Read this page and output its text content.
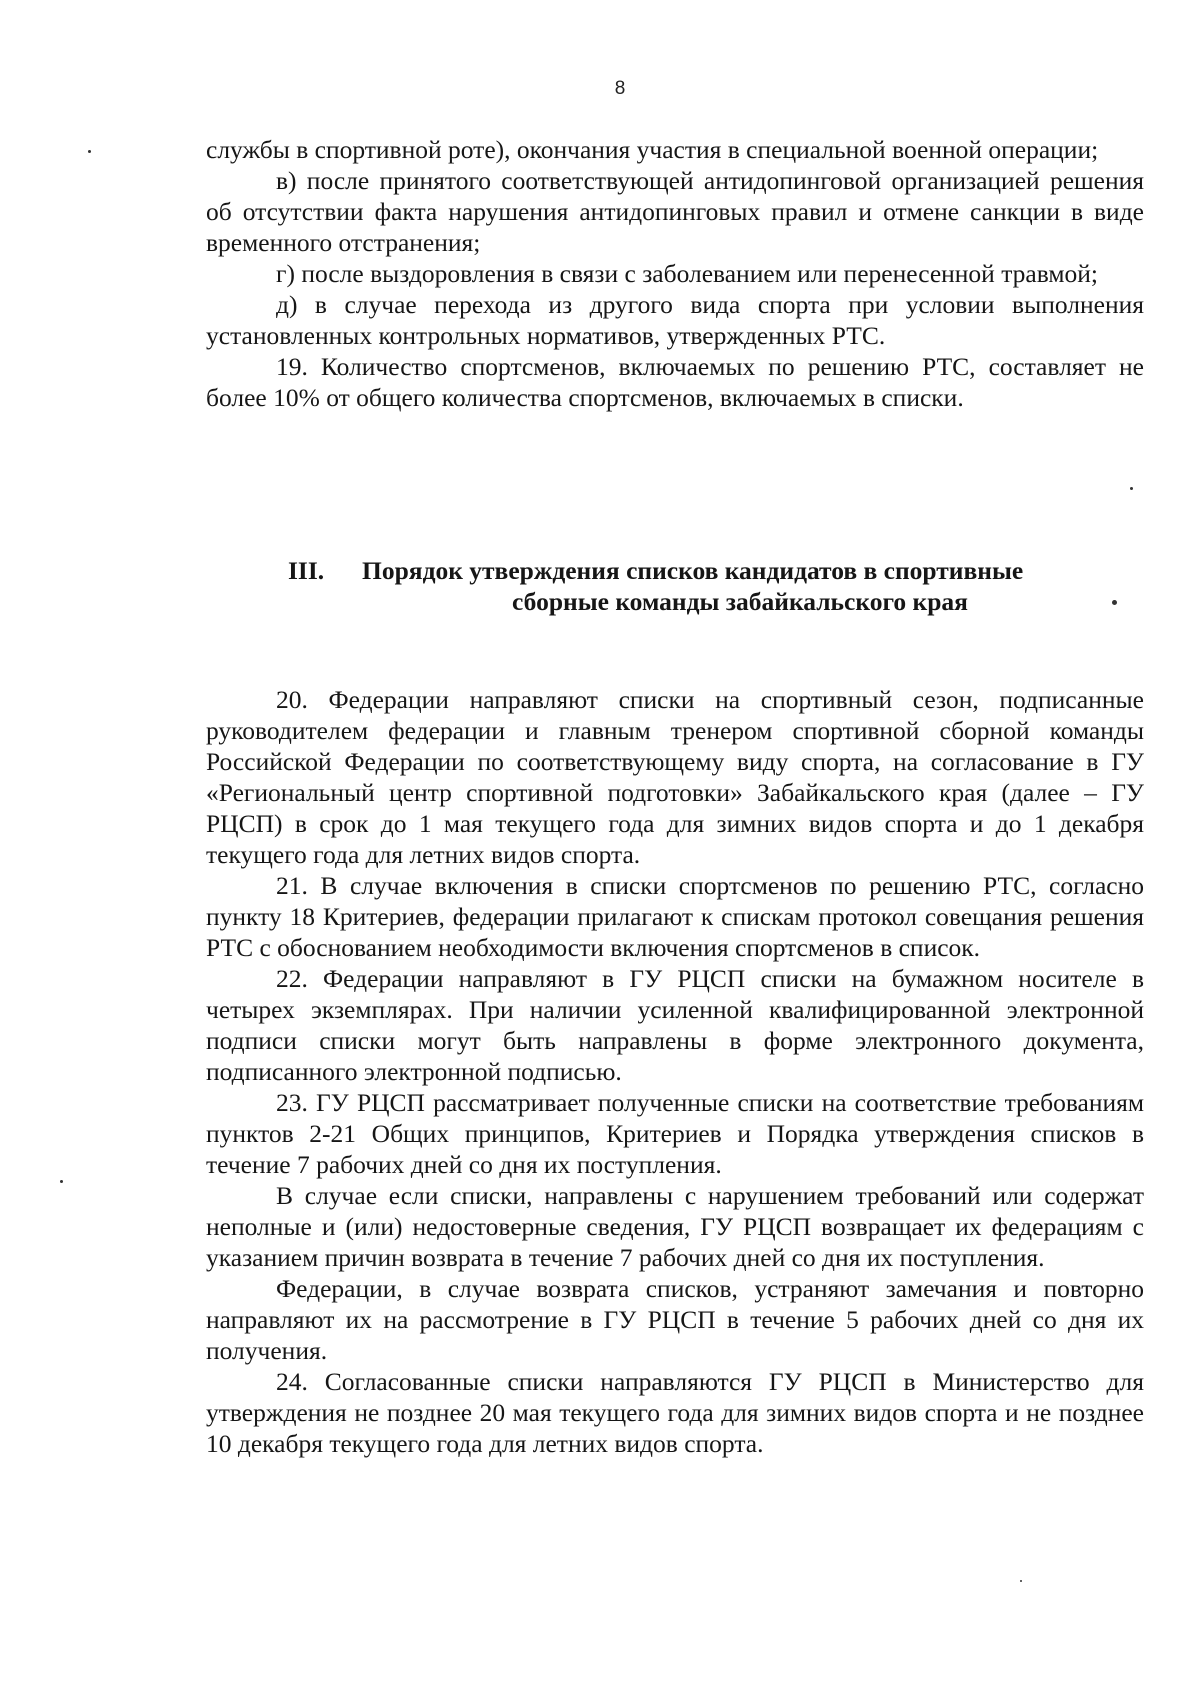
8

службы в спортивной роте), окончания участия в специальной военной операции;

в) после принятого соответствующей антидопинговой организацией решения об отсутствии факта нарушения антидопинговых правил и отмене санкции в виде временного отстранения;

г) после выздоровления в связи с заболеванием или перенесенной травмой;

д) в случае перехода из другого вида спорта при условии выполнения установленных контрольных нормативов, утвержденных РТС.

19. Количество спортсменов, включаемых по решению РТС, составляет не более 10% от общего количества спортсменов, включаемых в списки.

III. Порядок утверждения списков кандидатов в спортивные
сборные команды забайкальского края

20. Федерации направляют списки на спортивный сезон, подписанные руководителем федерации и главным тренером спортивной сборной команды Российской Федерации по соответствующему виду спорта, на согласование в ГУ «Региональный центр спортивной подготовки» Забайкальского края (далее – ГУ РЦСП) в срок до 1 мая текущего года для зимних видов спорта и до 1 декабря текущего года для летних видов спорта.

21. В случае включения в списки спортсменов по решению РТС, согласно пункту 18 Критериев, федерации прилагают к спискам протокол совещания решения РТС с обоснованием необходимости включения спортсменов в список.

22. Федерации направляют в ГУ РЦСП списки на бумажном носителе в четырех экземплярах. При наличии усиленной квалифицированной электронной подписи списки могут быть направлены в форме электронного документа, подписанного электронной подписью.

23. ГУ РЦСП рассматривает полученные списки на соответствие требованиям пунктов 2-21 Общих принципов, Критериев и Порядка утверждения списков в течение 7 рабочих дней со дня их поступления.

В случае если списки, направлены с нарушением требований или содержат неполные и (или) недостоверные сведения, ГУ РЦСП возвращает их федерациям с указанием причин возврата в течение 7 рабочих дней со дня их поступления.

Федерации, в случае возврата списков, устраняют замечания и повторно направляют их на рассмотрение в ГУ РЦСП в течение 5 рабочих дней со дня их получения.

24. Согласованные списки направляются ГУ РЦСП в Министерство для утверждения не позднее 20 мая текущего года для зимних видов спорта и не позднее 10 декабря текущего года для летних видов спорта.
